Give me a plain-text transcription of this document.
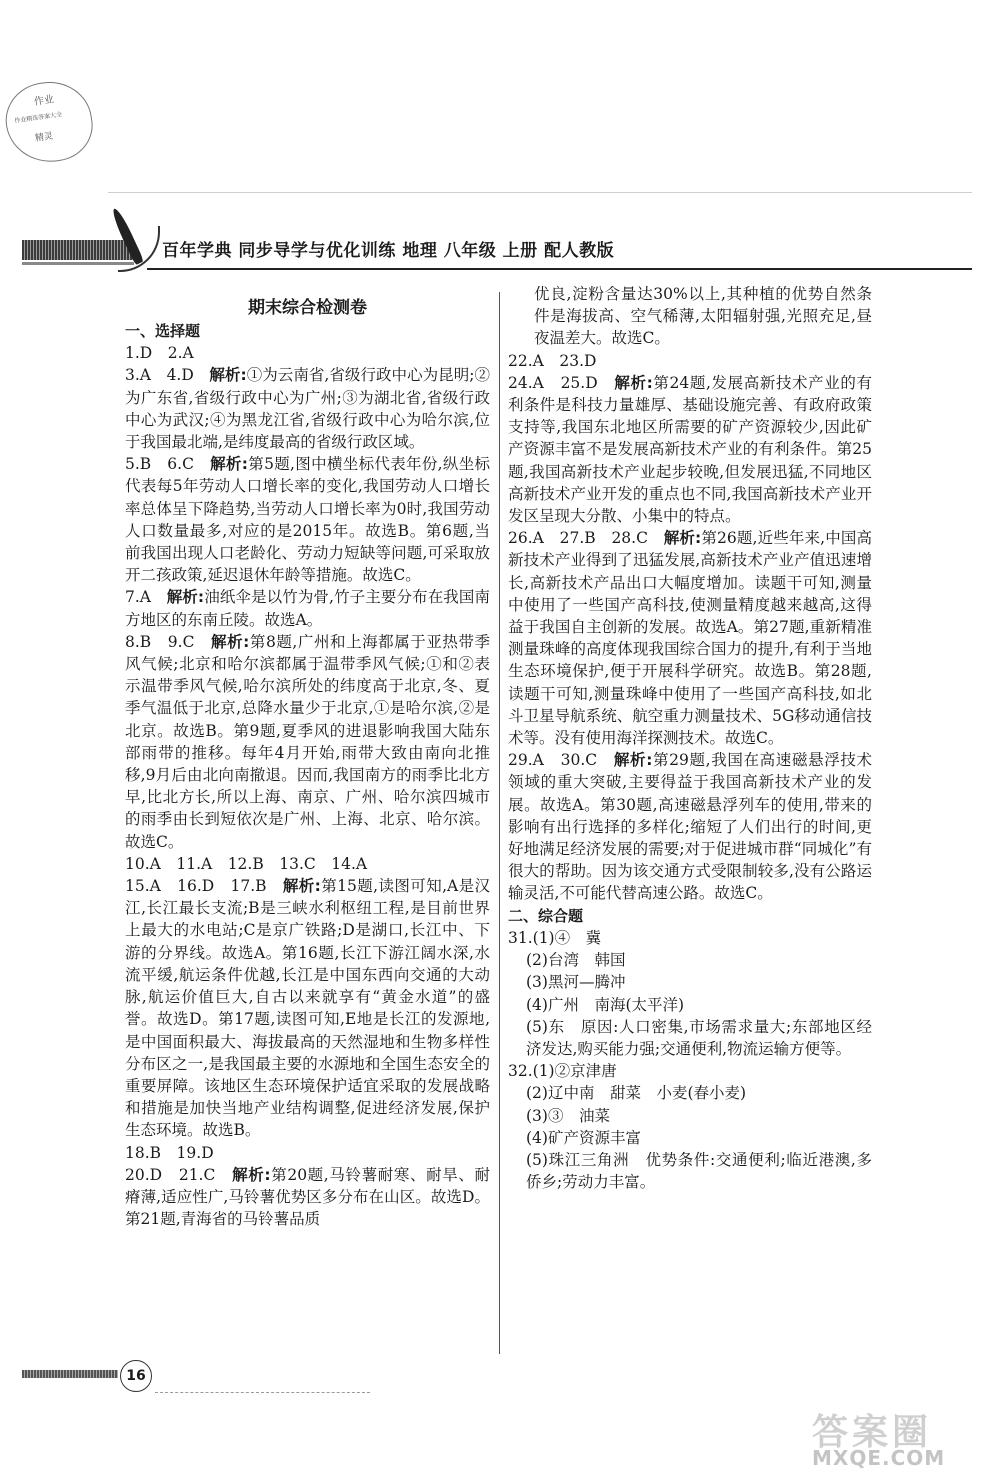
作业
作业精选答案大全
精灵
百年学典 同步导学与优化训练 地理 八年级 上册 配人教版
期末综合检测卷
一、选择题
1.D　2.A
3.A　4.D　解析:①为云南省,省级行政中心为昆明;②为广东省,省级行政中心为广州;③为湖北省,省级行政中心为武汉;④为黑龙江省,省级行政中心为哈尔滨,位于我国最北端,是纬度最高的省级行政区域。
5.B　6.C　解析:第5题,图中横坐标代表年份,纵坐标代表每5年劳动人口增长率的变化,我国劳动人口增长率总体呈下降趋势,当劳动人口增长率为0时,我国劳动人口数量最多,对应的是2015年。故选B。第6题,当前我国出现人口老龄化、劳动力短缺等问题,可采取放开二孩政策,延迟退休年龄等措施。故选C。
7.A　解析:油纸伞是以竹为骨,竹子主要分布在我国南方地区的东南丘陵。故选A。
8.B　9.C　解析:第8题,广州和上海都属于亚热带季风气候;北京和哈尔滨都属于温带季风气候;①和②表示温带季风气候,哈尔滨所处的纬度高于北京,冬、夏季气温低于北京,总降水量少于北京,①是哈尔滨,②是北京。故选B。第9题,夏季风的进退影响我国大陆东部雨带的推移。每年4月开始,雨带大致由南向北推移,9月后由北向南撤退。因而,我国南方的雨季比北方早,比北方长,所以上海、南京、广州、哈尔滨四城市的雨季由长到短依次是广州、上海、北京、哈尔滨。故选C。
10.A　11.A　12.B　13.C　14.A
15.A　16.D　17.B　解析:第15题,读图可知,A是汉江,长江最长支流;B是三峡水利枢纽工程,是目前世界上最大的水电站;C是京广铁路;D是湖口,长江中、下游的分界线。故选A。第16题,长江下游江阔水深,水流平缓,航运条件优越,长江是中国东西向交通的大动脉,航运价值巨大,自古以来就享有“黄金水道”的盛誉。故选D。第17题,读图可知,E地是长江的发源地,是中国面积最大、海拔最高的天然湿地和生物多样性分布区之一,是我国最主要的水源地和全国生态安全的重要屏障。该地区生态环境保护适宜采取的发展战略和措施是加快当地产业结构调整,促进经济发展,保护生态环境。故选B。
18.B　19.D
20.D　21.C　解析:第20题,马铃薯耐寒、耐旱、耐瘠薄,适应性广,马铃薯优势区多分布在山区。故选D。第21题,青海省的马铃薯品质
优良,淀粉含量达30%以上,其种植的优势自然条件是海拔高、空气稀薄,太阳辐射强,光照充足,昼夜温差大。故选C。
22.A　23.D
24.A　25.D　解析:第24题,发展高新技术产业的有利条件是科技力量雄厚、基础设施完善、有政府政策支持等,我国东北地区所需要的矿产资源较少,因此矿产资源丰富不是发展高新技术产业的有利条件。第25题,我国高新技术产业起步较晚,但发展迅猛,不同地区高新技术产业开发的重点也不同,我国高新技术产业开发区呈现大分散、小集中的特点。
26.A　27.B　28.C　解析:第26题,近些年来,中国高新技术产业得到了迅猛发展,高新技术产业产值迅速增长,高新技术产品出口大幅度增加。读题干可知,测量中使用了一些国产高科技,使测量精度越来越高,这得益于我国自主创新的发展。故选A。第27题,重新精准测量珠峰的高度体现我国综合国力的提升,有利于当地生态环境保护,便于开展科学研究。故选B。第28题,读题干可知,测量珠峰中使用了一些国产高科技,如北斗卫星导航系统、航空重力测量技术、5G移动通信技术等。没有使用海洋探测技术。故选C。
29.A　30.C　解析:第29题,我国在高速磁悬浮技术领域的重大突破,主要得益于我国高新技术产业的发展。故选A。第30题,高速磁悬浮列车的使用,带来的影响有出行选择的多样化;缩短了人们出行的时间,更好地满足经济发展的需要;对于促进城市群“同城化”有很大的帮助。因为该交通方式受限制较多,没有公路运输灵活,不可能代替高速公路。故选C。
二、综合题
31.(1)④　冀
(2)台湾　韩国
(3)黑河—腾冲
(4)广州　南海(太平洋)
(5)东　原因:人口密集,市场需求量大;东部地区经济发达,购买能力强;交通便利,物流运输方便等。
32.(1)②京津唐
(2)辽中南　甜菜　小麦(春小麦)
(3)③　油菜
(4)矿产资源丰富
(5)珠江三角洲　优势条件:交通便利;临近港澳,多侨乡;劳动力丰富。
16
答案圈
MXQE.COM
